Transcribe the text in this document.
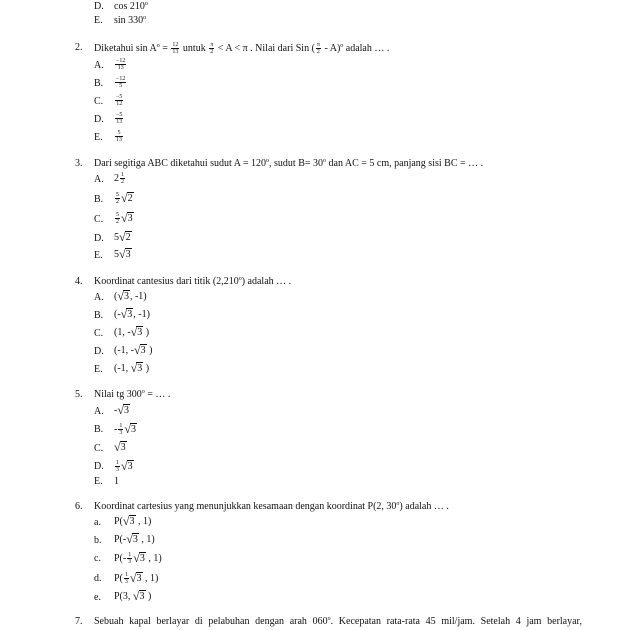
D. cos 210$^o$
E. sin 330$^o$
2. Diketahui $\sin A^o = \frac{12}{13}$ untuk $\frac{\pi}{2} < A < \pi$ . Nilai dari Sin ( $\frac{\pi}{2} - A)^o$ adalah … .
A. $\frac{-12}{13}$
B. $\frac{-12}{5}$
C. $\frac{-5}{12}$
D. $\frac{-5}{13}$
E. $\frac{5}{13}$
3. Dari segitiga ABC diketahui sudut $A = 120^o$, sudut $B= 30^o$ dan AC = 5 cm, panjang sisi BC = … .
A. $2 \frac{1}{2}$
B. $\frac{5}{2} √2$
C. $\frac{5}{2} √3$
D. 5√2
E. 5√3
4. Koordinat cantesius dari titik (2,210$^o$) adalah … .
A. (√3, -1)
B. (-√3, -1)
C. (1, -√3 )
D. (-1, -√3 )
E. (-1, √3 )
5. Nilai tg $300^o$ = … .
A. -√3
B. - $\frac{1}{3} √3$
C. √3
D. $\frac{1}{3} √3$
E. 1
6. Koordinat cartesius yang menunjukkan kesamaan dengan koordinat P(2, 30$^o$) adalah … .
a. P(√3 , 1)
b. P(-√3 , 1)
c. $P(- \frac{1}{3} √3$ , 1)
d. $P( \frac{1}{3} √3$ , 1)
e. P(3, √3 )
7. Sebuah kapal berlayar di pelabuhan dengan arah 060$^o$. Kecepatan rata-rata 45 mil/jam. Setelah 4 jam berlayar,
